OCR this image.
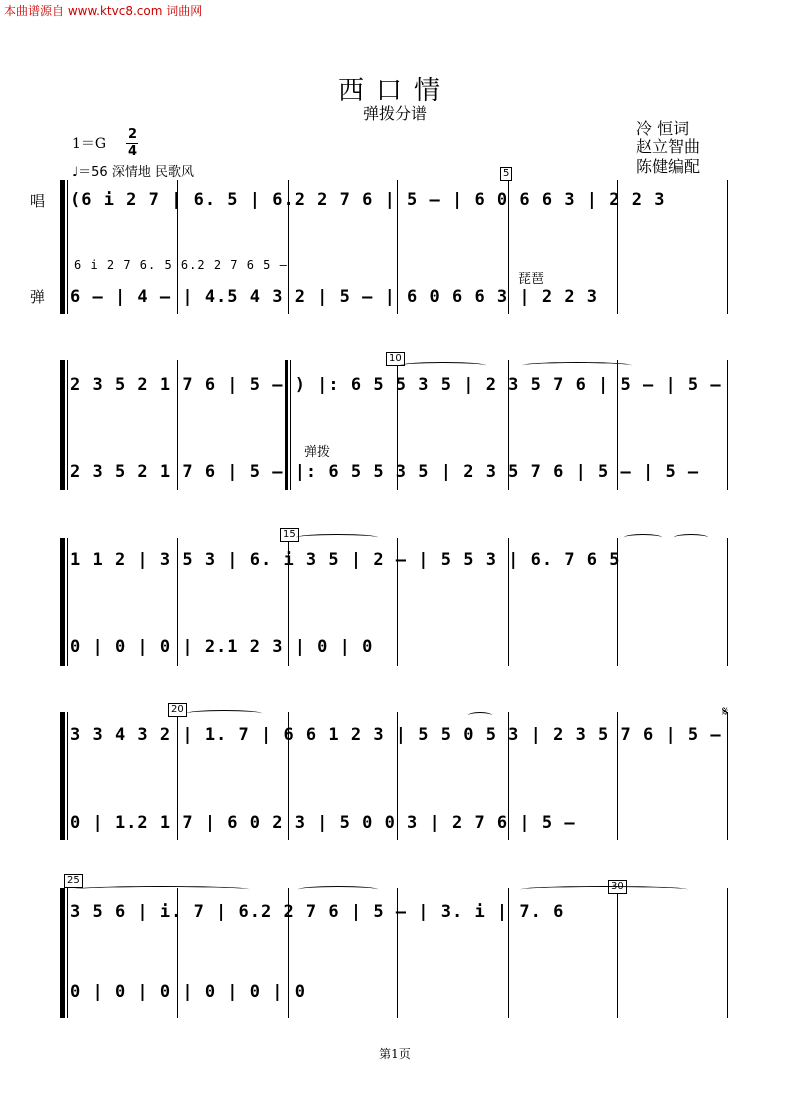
本曲谱源自 www.ktvc8.com 词曲网
西口情
弹拨分谱
冷 恒词
赵立智曲
陈健编配
1＝G
2
4
♩＝56 深情地 民歌风
唱
弹
5
(6 i 2 7 | 6. 5 | 6.2 2 7 6 | 5 — | 6 0 6 6 3 | 2 2 3
6 i 2 7 6. 5 6.2 2 7 6 5 —
琵琶
6 — | 4 — | 4.5 4 3 2 | 5 — | 6 0 6 6 3 | 2 2 3
10
2 3 5 2 1 7 6 | 5 — ) |: 6 5 5 3 5 | 2 3 5 7 6 | 5 — | 5 —
弹拨
2 3 5 2 1 7 6 | 5 — |: 6 5 5 3 5 | 2 3 5 7 6 | 5 — | 5 —
15
1 1 2 | 3 5 3 | 6. i 3 5 | 2 — | 5 5 3 | 6. 7 6 5
0 | 0 | 0 | 2.1 2 3 | 0 | 0
20	𝄋
3 3 4 3 2 | 1. 7 | 6 6 1 2 3 | 5 5 0 5 3 | 2 3 5 7 6 | 5 —
0 | 1.2 1 7 | 6 0 2 3 | 5 0 0 3 | 2 7 6 | 5 —
25
30
3 5 6 | i. 7 | 6.2 2 7 6 | 5 — | 3. i | 7. 6
0 | 0 | 0 | 0 | 0 | 0
第1页
